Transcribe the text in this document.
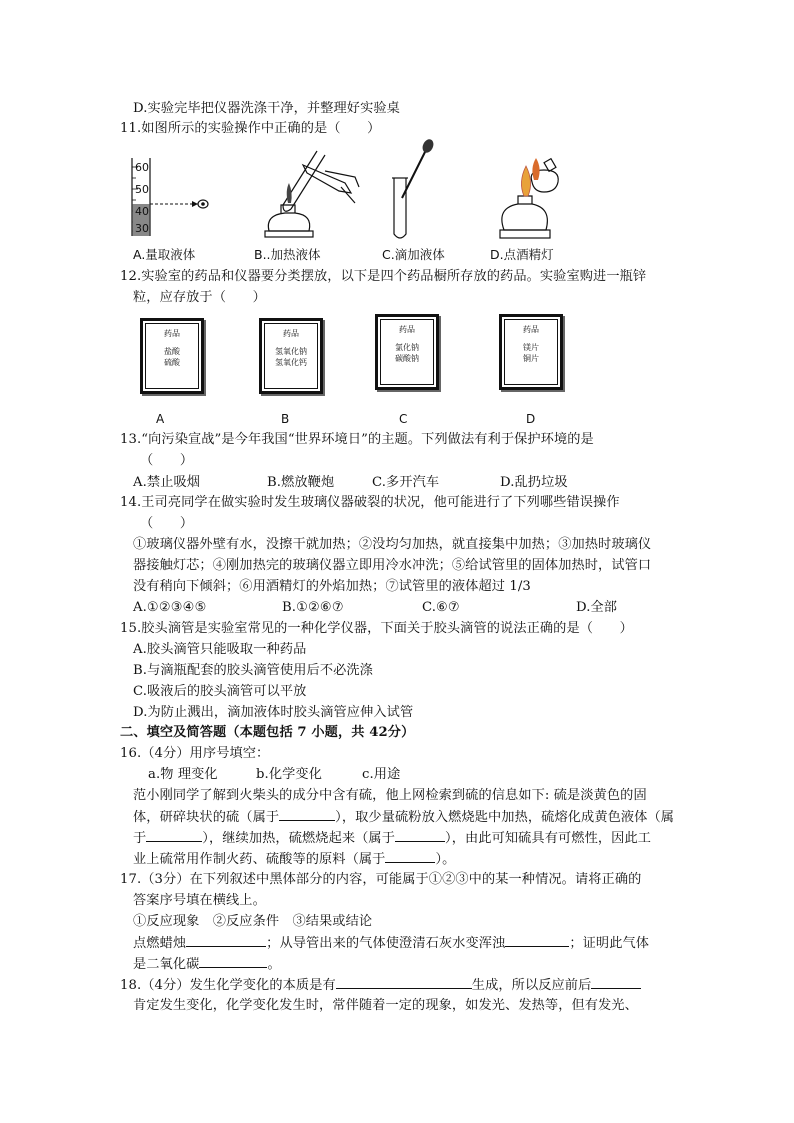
D.实验完毕把仪器洗涤干净，并整理好实验桌
11.如图所示的实验操作中正确的是（　　）
60
50
40
30
A.量取液体	B..加热液体	C.滴加液体	D.点酒精灯
12.实验室的药品和仪器要分类摆放，以下是四个药品橱所存放的药品。实验室购进一瓶锌
粒，应存放于（　　）
药品
盐酸
硫酸
药品
氢氧化钠
氢氧化钙
药品
氯化钠
碳酸钠
药品
镁片
铜片
A	B	C	D
13.“向污染宣战”是今年我国“世界环境日”的主题。下列做法有利于保护环境的是
（　　）
A.禁止吸烟	B.燃放鞭炮	C.多开汽车	D.乱扔垃圾
14.王司亮同学在做实验时发生玻璃仪器破裂的状况，他可能进行了下列哪些错误操作
（　　）
①玻璃仪器外壁有水，没擦干就加热；②没均匀加热，就直接集中加热；③加热时玻璃仪
器接触灯芯；④刚加热完的玻璃仪器立即用冷水冲洗；⑤给试管里的固体加热时，试管口
没有稍向下倾斜；⑥用酒精灯的外焰加热；⑦试管里的液体超过 1/3
A.①②③④⑤	B.①②⑥⑦	C.⑥⑦	D.全部
15.胶头滴管是实验室常见的一种化学仪器，下面关于胶头滴管的说法正确的是（　　）
A.胶头滴管只能吸取一种药品
B.与滴瓶配套的胶头滴管使用后不必洗涤
C.吸液后的胶头滴管可以平放
D.为防止溅出，滴加液体时胶头滴管应伸入试管
二、填空及简答题（本题包括 7 小题，共 42分）
16.（4分）用序号填空：
a.物 理变化	b.化学变化	c.用途
范小刚同学了解到火柴头的成分中含有硫，他上网检索到硫的信息如下: 硫是淡黄色的固
体，研碎块状的硫（属于	），取少量硫粉放入燃烧匙中加热，硫熔化成黄色液体（属
于	），继续加热，硫燃烧起来（属于	），由此可知硫具有可燃性，因此工
业上硫常用作制火药、硫酸等的原料（属于	）。
17.（3分）在下列叙述中黑体部分的内容，可能属于①②③中的某一种情况。请将正确的
答案序号填在横线上。
①反应现象　②反应条件　③结果或结论
点燃蜡烛	；从导管出来的气体使澄清石灰水变浑浊	；证明此气体
是二氧化碳	。
18.（4分）发生化学变化的本质是有	生成，所以反应前后
肯定发生变化，化学变化发生时，常伴随着一定的现象，如发光、发热等，但有发光、
